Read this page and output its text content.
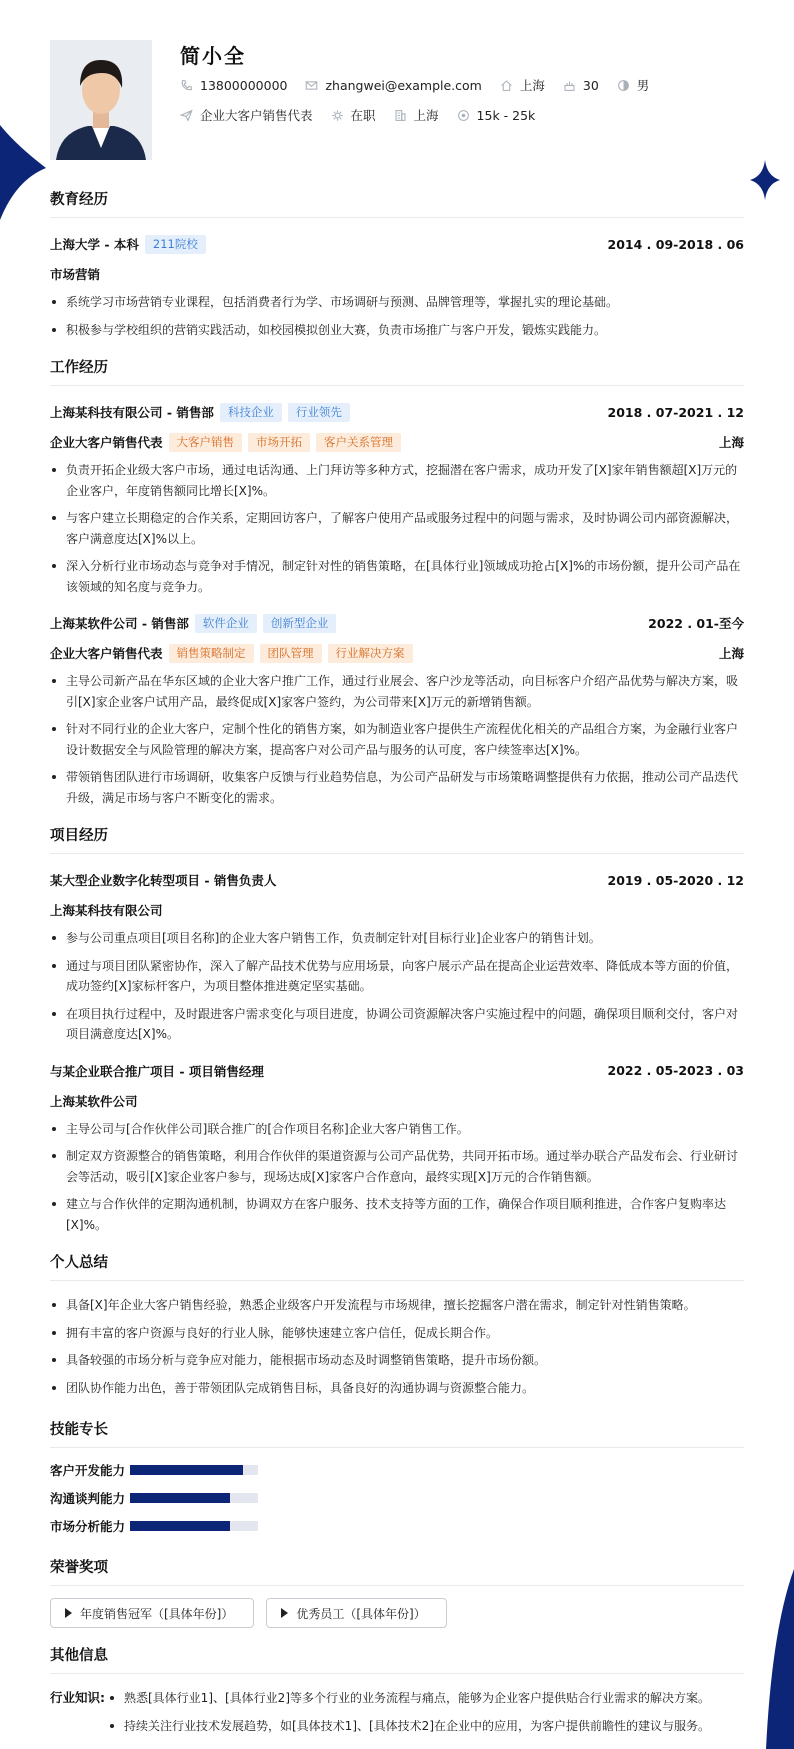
简小全
13800000000	zhangwei@example.com	上海	30	男
企业大客户销售代表	在职	上海	15k - 25k
教育经历
上海大学 - 本科	211院校	2014 . 09-2018 . 06
市场营销
系统学习市场营销专业课程，包括消费者行为学、市场调研与预测、品牌管理等，掌握扎实的理论基础。
积极参与学校组织的营销实践活动，如校园模拟创业大赛，负责市场推广与客户开发，锻炼实践能力。
工作经历
上海某科技有限公司 - 销售部	科技企业	行业领先	2018 . 07-2021 . 12
企业大客户销售代表	大客户销售	市场开拓	客户关系管理	上海
负责开拓企业级大客户市场，通过电话沟通、上门拜访等多种方式，挖掘潜在客户需求，成功开发了[X]家年销售额超[X]万元的企业客户，年度销售额同比增长[X]%。
与客户建立长期稳定的合作关系，定期回访客户，了解客户使用产品或服务过程中的问题与需求，及时协调公司内部资源解决，客户满意度达[X]%以上。
深入分析行业市场动态与竞争对手情况，制定针对性的销售策略，在[具体行业]领域成功抢占[X]%的市场份额，提升公司产品在该领域的知名度与竞争力。
上海某软件公司 - 销售部	软件企业	创新型企业	2022 . 01-至今
企业大客户销售代表	销售策略制定	团队管理	行业解决方案	上海
主导公司新产品在华东区域的企业大客户推广工作，通过行业展会、客户沙龙等活动，向目标客户介绍产品优势与解决方案，吸引[X]家企业客户试用产品，最终促成[X]家客户签约，为公司带来[X]万元的新增销售额。
针对不同行业的企业大客户，定制个性化的销售方案，如为制造业客户提供生产流程优化相关的产品组合方案，为金融行业客户设计数据安全与风险管理的解决方案，提高客户对公司产品与服务的认可度，客户续签率达[X]%。
带领销售团队进行市场调研，收集客户反馈与行业趋势信息，为公司产品研发与市场策略调整提供有力依据，推动公司产品迭代升级，满足市场与客户不断变化的需求。
项目经历
某大型企业数字化转型项目 - 销售负责人	2019 . 05-2020 . 12
上海某科技有限公司
参与公司重点项目[项目名称]的企业大客户销售工作，负责制定针对[目标行业]企业客户的销售计划。
通过与项目团队紧密协作，深入了解产品技术优势与应用场景，向客户展示产品在提高企业运营效率、降低成本等方面的价值，成功签约[X]家标杆客户，为项目整体推进奠定坚实基础。
在项目执行过程中，及时跟进客户需求变化与项目进度，协调公司资源解决客户实施过程中的问题，确保项目顺利交付，客户对项目满意度达[X]%。
与某企业联合推广项目 - 项目销售经理	2022 . 05-2023 . 03
上海某软件公司
主导公司与[合作伙伴公司]联合推广的[合作项目名称]企业大客户销售工作。
制定双方资源整合的销售策略，利用合作伙伴的渠道资源与公司产品优势，共同开拓市场。通过举办联合产品发布会、行业研讨会等活动，吸引[X]家企业客户参与，现场达成[X]家客户合作意向，最终实现[X]万元的合作销售额。
建立与合作伙伴的定期沟通机制，协调双方在客户服务、技术支持等方面的工作，确保合作项目顺利推进，合作客户复购率达[X]%。
个人总结
具备[X]年企业大客户销售经验，熟悉企业级客户开发流程与市场规律，擅长挖掘客户潜在需求，制定针对性销售策略。
拥有丰富的客户资源与良好的行业人脉，能够快速建立客户信任，促成长期合作。
具备较强的市场分析与竞争应对能力，能根据市场动态及时调整销售策略，提升市场份额。
团队协作能力出色，善于带领团队完成销售目标，具备良好的沟通协调与资源整合能力。
技能专长
客户开发能力
沟通谈判能力
市场分析能力
荣誉奖项
年度销售冠军（[具体年份]）	优秀员工（[具体年份]）
其他信息
行业知识:	熟悉[具体行业1]、[具体行业2]等多个行业的业务流程与痛点，能够为企业客户提供贴合行业需求的解决方案。
持续关注行业技术发展趋势，如[具体技术1]、[具体技术2]在企业中的应用，为客户提供前瞻性的建议与服务。
